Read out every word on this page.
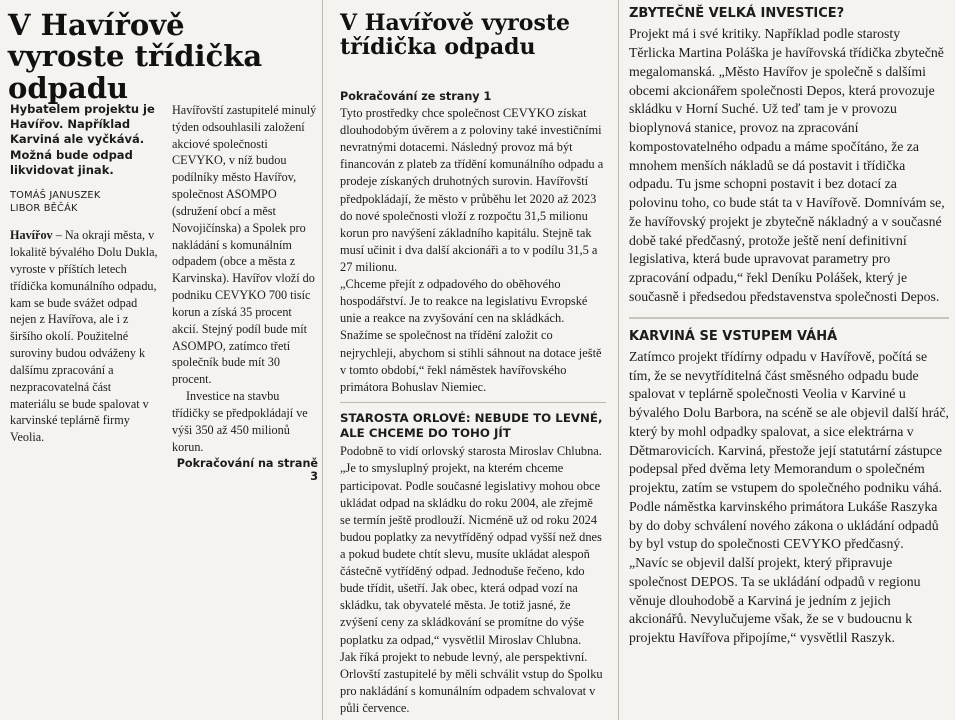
V Havířově vyroste třídička odpadu

Hybatelem projektu je Havířov. Například Karviná ale vyčkává. Možná bude odpad likvidovat jinak.

TOMÁŠ JANUSZEK
LIBOR BĚČÁK

Havířov – Na okraji města, v lokalitě bývalého Dolu Dukla, vyroste v příštích letech třídička komunálního odpadu, kam se bude svážet odpad nejen z Havířova, ale i z širšího okolí. Použitelné suroviny budou odváženy k dalšímu zpracování a nezpracovatelná část materiálu se bude spalovat v karvinské teplárně firmy Veolia.

Havířovští zastupitelé minulý týden odsouhlasili založení akciové společnosti CEVYKO, v níž budou podílníky město Havířov, společnost ASOMPO (sdružení obcí a měst Novojičínska) a Spolek pro nakládání s komunálním odpadem (obce a města z Karvinska). Havířov vloží do podniku CEVYKO 700 tisíc korun a získá 35 procent akcií. Stejný podíl bude mít ASOMPO, zatímco třetí společník bude mít 30 procent.

Investice na stavbu třídičky se předpokládají ve výši 350 až 450 milionů korun.

Pokračování na straně 3
V Havířově vyroste třídička odpadu
Pokračování ze strany 1

Tyto prostředky chce společnost CEVYKO získat dlouhodobým úvěrem a z poloviny také investičními nevratnými dotacemi. Následný provoz má být financován z plateb za třídění komunálního odpadu a prodeje získaných druhotných surovin. Havířovští předpokládají, že město v průběhu let 2020 až 2023 do nové společnosti vloží z rozpočtu 31,5 milionu korun pro navýšení základního kapitálu. Stejně tak musí učinit i dva další akcionáři a to v podílu 31,5 a 27 milionu.

„Chceme přejít z odpadového do oběhového hospodářství. Je to reakce na legislativu Evropské unie a reakce na zvyšování cen na skládkách. Snažíme se společnost na třídění založit co nejrychleji, abychom si stihli sáhnout na dotace ještě v tomto období,“ řekl náměstek havířovského primátora Bohuslav Niemiec.

STAROSTA ORLOVÉ: NEBUDE TO LEVNÉ, ALE CHCEME DO TOHO JÍT

Podobně to vidí orlovský starosta Miroslav Chlubna. „Je to smysluplný projekt, na kterém chceme participovat. Podle současné legislativy mohou obce ukládat odpad na skládku do roku 2004, ale zřejmě se termín ještě prodlouží. Nicméně už od roku 2024 budou poplatky za nevytříděný odpad vyšší než dnes a pokud budete chtít slevu, musíte ukládat alespoň částečně vytříděný odpad. Jednoduše řečeno, kdo bude třídit, ušetří. Jak obec, která odpad vozí na skládku, tak obyvatelé města. Je totiž jasné, že zvýšení ceny za skládkování se promítne do výše poplatku za odpad,“ vysvětlil Miroslav Chlubna.

Jak říká projekt to nebude levný, ale perspektivní. Orlovští zastupitelé by měli schválit vstup do Spolku pro nakládání s komunálním odpadem schvalovat v půli července.

ZBYTEČNĚ VELKÁ INVESTICE?

Projekt má i své kritiky. Například podle starosty Těrlicka Martina Poláška je havířovská třídička zbytečně megalomanská. „Město Havířov je společně s dalšími obcemi akcionářem společnosti Depos, která provozuje skládku v Horní Suché. Už teď tam je v provozu bioplynová stanice, provoz na zpracování kompostovatelného odpadu a máme spočítáno, že za mnohem menších nákladů se dá postavit i třídička odpadu. Tu jsme schopni postavit i bez dotací za polovinu toho, co bude stát ta v Havířově. Domnívám se, že havířovský projekt je zbytečně nákladný a v současné době také předčasný, protože ještě není definitivní legislativa, která bude upravovat parametry pro zpracování odpadu,“ řekl Deníku Polášek, který je současně i předsedou představenstva společnosti Depos.

KARVINÁ SE VSTUPEM VÁHÁ

Zatímco projekt třídírny odpadu v Havířově, počítá se tím, že se nevytříditelná část směsného odpadu bude spalovat v teplárně společnosti Veolia v Karviné u bývalého Dolu Barbora, na scéně se ale objevil další hráč, který by mohl odpadky spalovat, a sice elektrárna v Dětmarovicích. Karviná, přestože její statutární zástupce podepsal před dvěma lety Memorandum o společném projektu, zatím se vstupem do společného podniku váhá. Podle náměstka karvinského primátora Lukáše Raszyka by do doby schválení nového zákona o ukládání odpadů by byl vstup do společnosti CEVYKO předčasný.

„Navíc se objevil další projekt, který připravuje společnost DEPOS. Ta se ukládání odpadů v regionu věnuje dlouhodobě a Karviná je jedním z jejich akcionářů. Nevylučujeme však, že se v budoucnu k projektu Havířova připojíme,“ vysvětlil Raszyk.
